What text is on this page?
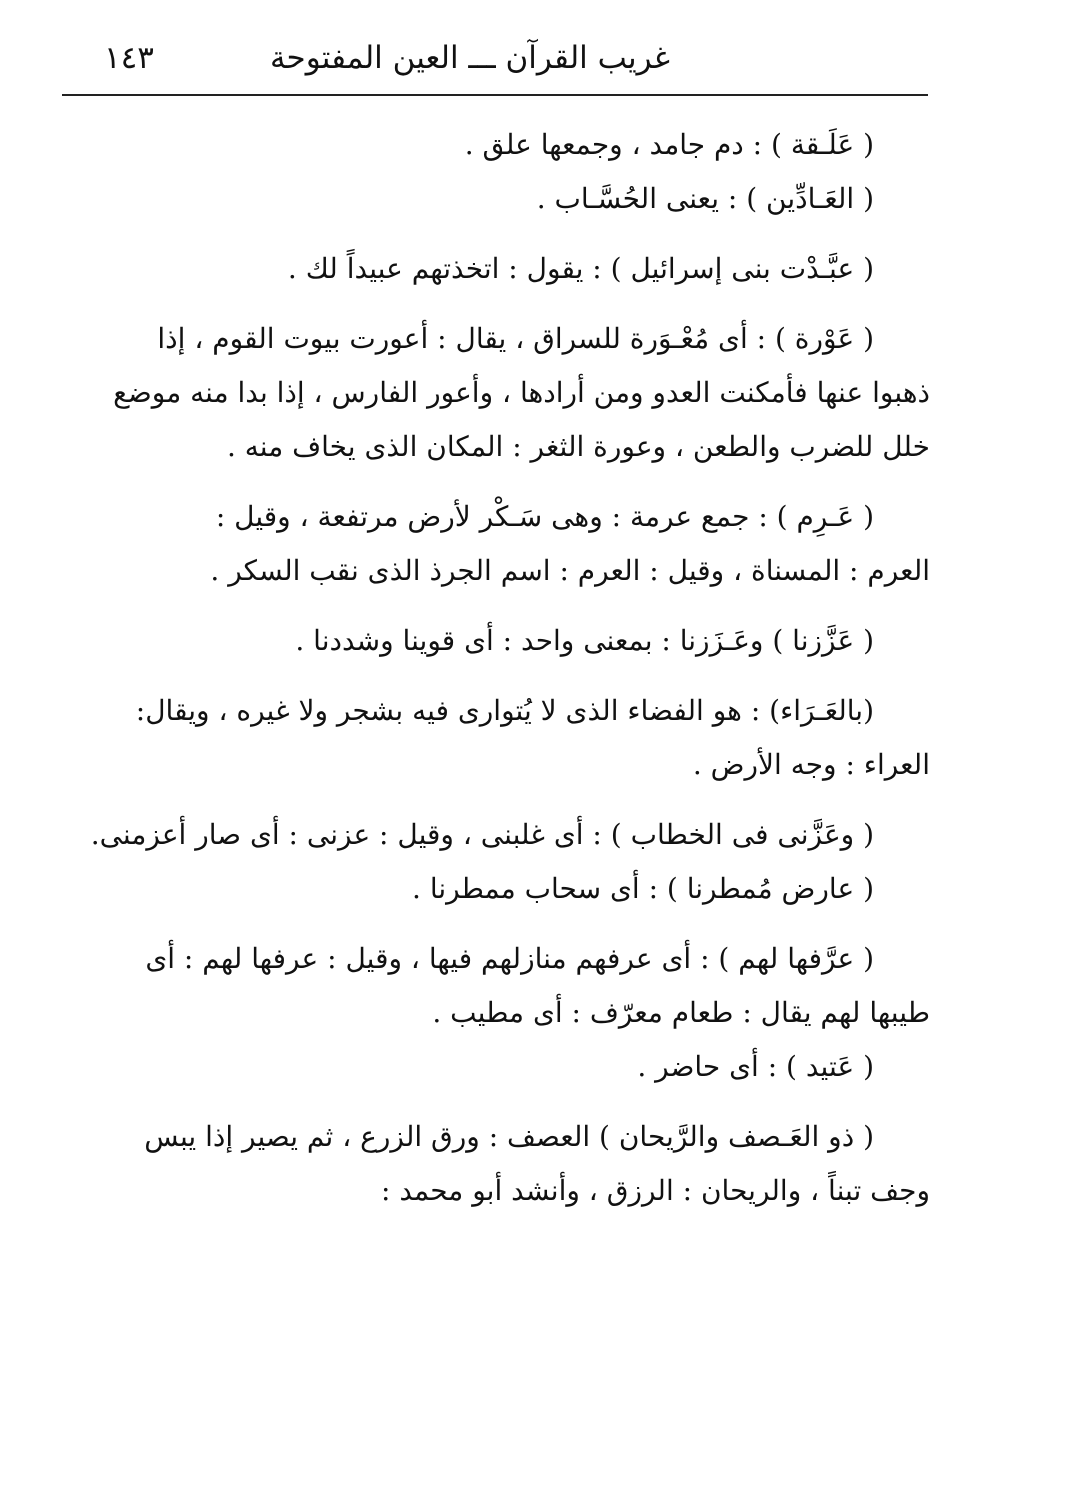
غريب القرآن ـــ العين المفتوحة
١٤٣

( عَلَـقة ) : دم جامد ، وجمعها علق .

( العَـادِّين ) : يعنى الحُسَّـاب .

( عبَّـدْت بنى إسرائيل ) : يقول : اتخذتهم عبيداً لك .

( عَوْرة ) : أى مُعْـوَرة للسراق ، يقال : أعورت بيوت القوم ، إذا

ذهبوا عنها فأمكنت العدو ومن أرادها ، وأعور الفارس ، إذا بدا منه موضع

خلل للضرب والطعن ، وعورة الثغر : المكان الذى يخاف منه .

( عَـرِم ) : جمع عرمة : وهى سَـكْر لأرض مرتفعة ، وقيل :

العرم : المسناة ، وقيل : العرم : اسم الجرذ الذى نقب السكر .

( عَزَّزنا ) وعَـزَزنا : بمعنى واحد : أى قوينا وشددنا .

(بالعَـرَاء) : هو الفضاء الذى لا يُتوارى فيه بشجر ولا غيره ، ويقال:

العراء : وجه الأرض .

( وعَزَّنى فى الخطاب ) : أى غلبنى ، وقيل : عزنى : أى صار أعزمنى.

( عارض مُمطرنا ) : أى سحاب ممطرنا .

( عرَّفها لهم ) : أى عرفهم منازلهم فيها ، وقيل : عرفها لهم : أى

طيبها لهم يقال : طعام معرّف : أى مطيب .

( عَتيد ) : أى حاضر .

( ذو العَـصف والرَّيحان ) العصف : ورق الزرع ، ثم يصير إذا يبس

وجف تبناً ، والريحان : الرزق ، وأنشد أبو محمد :
